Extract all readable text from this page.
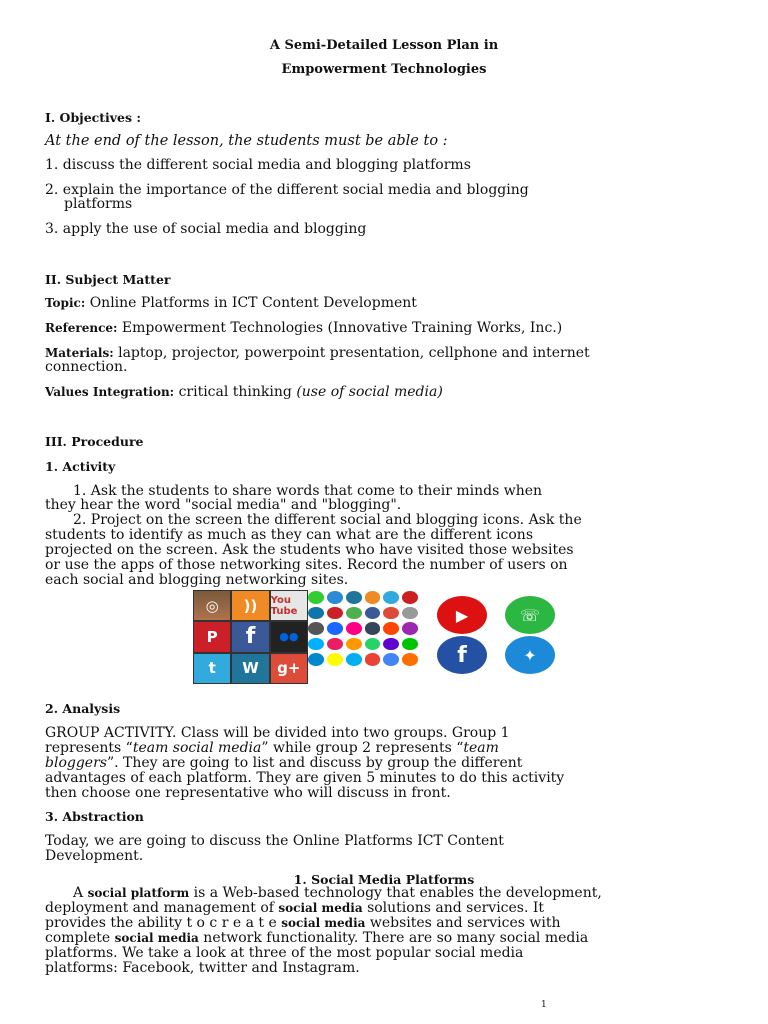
A Semi-Detailed Lesson Plan in
Empowerment Technologies
I. Objectives :
At the end of the lesson, the students must be able to :
1. discuss the different social media and blogging platforms
2. explain the importance of the different social media and blogging
platforms
3. apply the use of social media and blogging
II. Subject Matter
Topic: Online Platforms in ICT Content Development
Reference: Empowerment Technologies (Innovative Training Works, Inc.)
Materials: laptop, projector, powerpoint presentation, cellphone and internet
connection.
Values Integration: critical thinking (use of social media)
III. Procedure
1. Activity
1. Ask the students to share words that come to their minds when
they hear the word "social media" and "blogging".
2. Project on the screen the different social and blogging icons. Ask the
students to identify as much as they can what are the different icons
projected on the screen. Ask the students who have visited those websites
or use the apps of those networking sites. Record the number of users on
each social and blogging networking sites.
◎	))	You Tube
P	f	●●
t	W	g+
▶	☏
f	✦
2. Analysis
GROUP ACTIVITY. Class will be divided into two groups. Group 1
represents “team social media” while group 2 represents “team
bloggers”. They are going to list and discuss by group the different
advantages of each platform. They are given 5 minutes to do this activity
then choose one representative who will discuss in front.
3. Abstraction
Today, we are going to discuss the Online Platforms ICT Content
Development.
1. Social Media Platforms
A social platform is a Web-based technology that enables the development,
deployment and management of social media solutions and services. It
provides the ability t o c r e a t e social media websites and services with
complete social media network functionality. There are so many social media
platforms. We take a look at three of the most popular social media
platforms: Facebook, twitter and Instagram.
1
